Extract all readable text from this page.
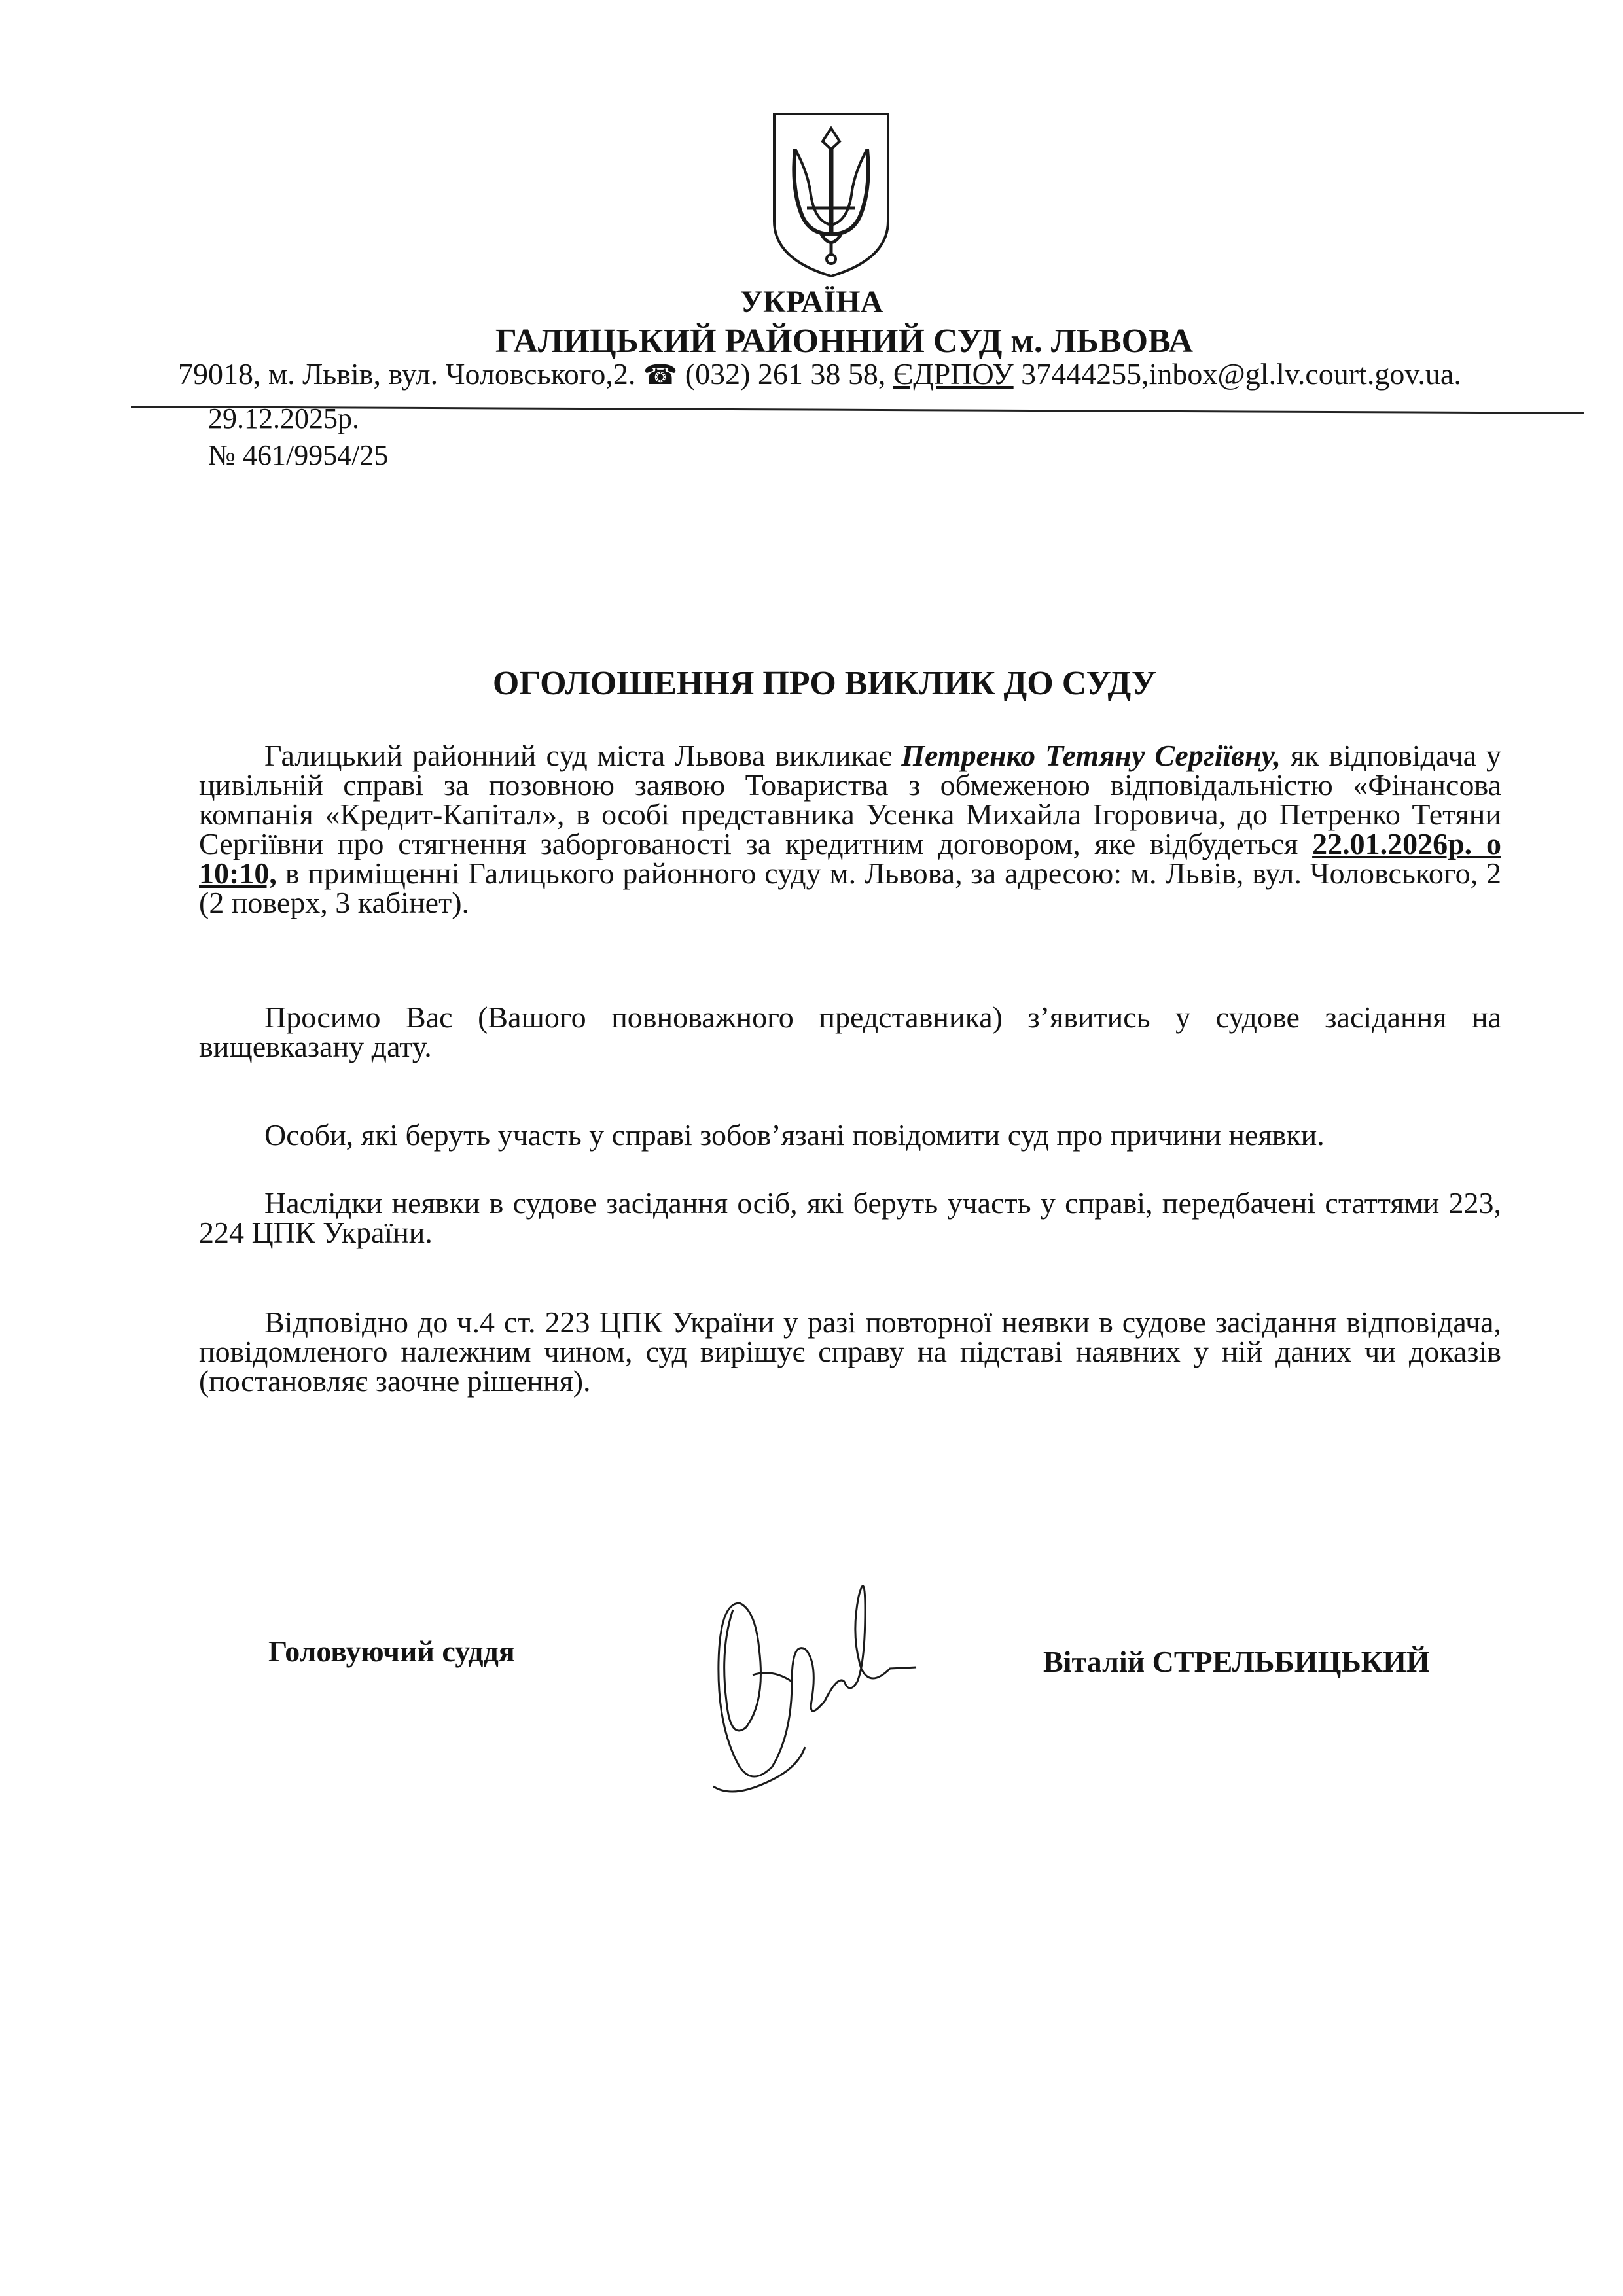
УКРАЇНА
ГАЛИЦЬКИЙ РАЙОННИЙ СУД м. ЛЬВОВА
79018, м. Львів, вул. Чоловського,2. ☎ (032) 261 38 58, ЄДРПОУ 37444255,inbox@gl.lv.court.gov.ua.
29.12.2025р.
№ 461/9954/25
ОГОЛОШЕННЯ ПРО ВИКЛИК ДО СУДУ
Галицький районний суд міста Львова викликає Петренко Тетяну Сергіївну, як відповідача у цивільній справі за позовною заявою Товариства з обмеженою відповідальністю «Фінансова компанія «Кредит-Капітал», в особі представника Усенка Михайла Ігоровича, до Петренко Тетяни Сергіївни про стягнення заборгованості за кредитним договором, яке відбудеться 22.01.2026р. о 10:10, в приміщенні Галицького районного суду м. Львова, за адресою: м. Львів, вул. Чоловського, 2 (2 поверх, 3 кабінет).
Просимо Вас (Вашого повноважного представника) з’явитись у судове засідання на вищевказану дату.
Особи, які беруть участь у справі зобов’язані повідомити суд про причини неявки.
Наслідки неявки в судове засідання осіб, які беруть участь у справі, передбачені статтями 223, 224 ЦПК України.
Відповідно до ч.4 ст. 223 ЦПК України у разі повторної неявки в судове засідання відповідача, повідомленого належним чином, суд вирішує справу на підставі наявних у ній даних чи доказів (постановляє заочне рішення).
Головуючий суддя	Віталій СТРЕЛЬБИЦЬКИЙ
